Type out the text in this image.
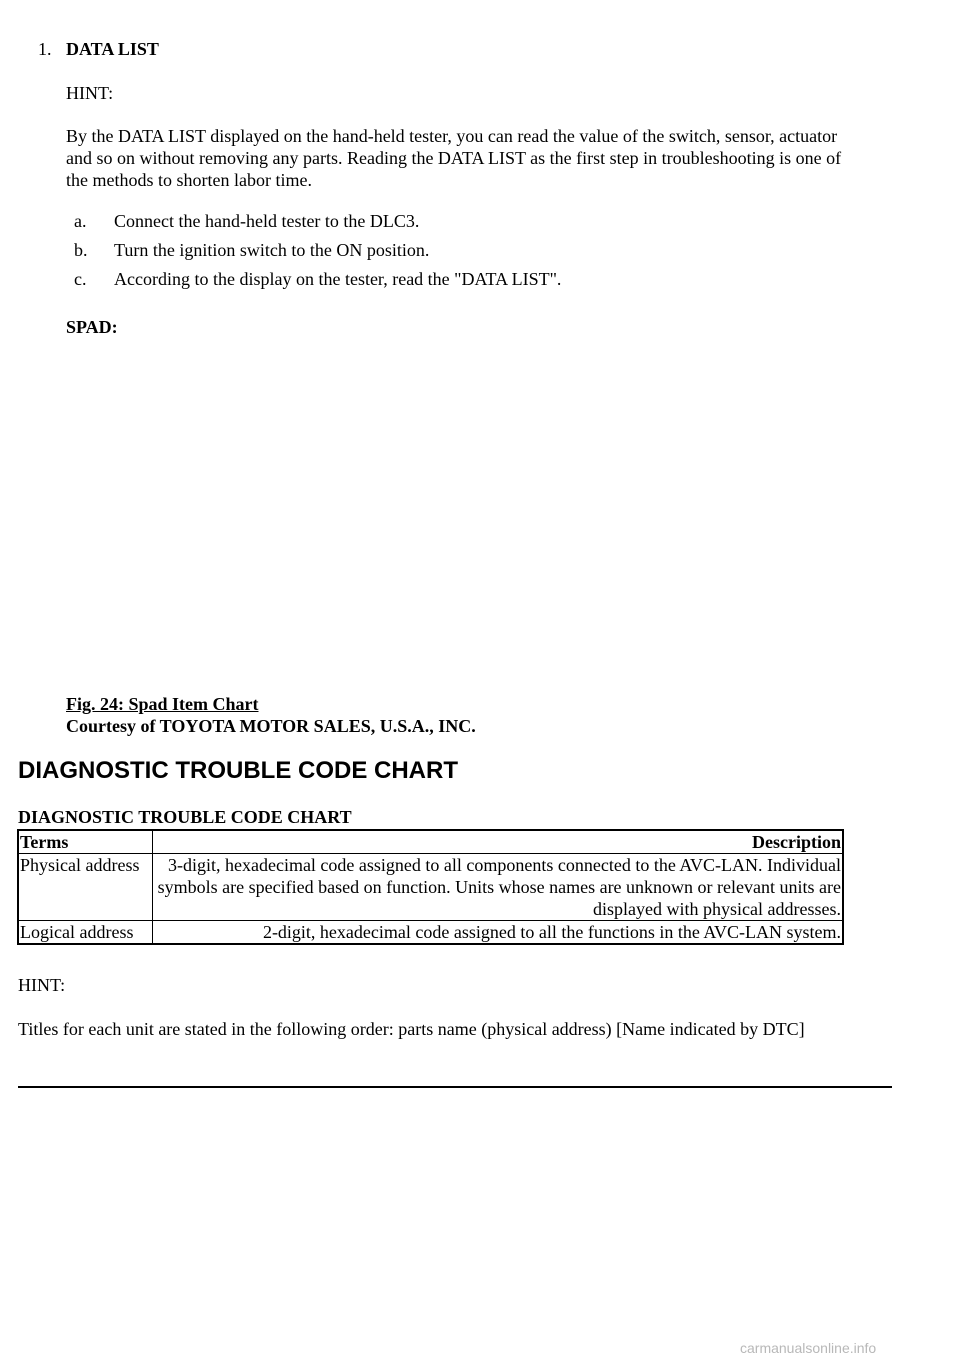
1. DATA LIST
HINT:
By the DATA LIST displayed on the hand-held tester, you can read the value of the switch, sensor, actuator and so on without removing any parts. Reading the DATA LIST as the first step in troubleshooting is one of the methods to shorten labor time.
a. Connect the hand-held tester to the DLC3.
b. Turn the ignition switch to the ON position.
c. According to the display on the tester, read the "DATA LIST".
SPAD:
Fig. 24: Spad Item Chart
Courtesy of TOYOTA MOTOR SALES, U.S.A., INC.
DIAGNOSTIC TROUBLE CODE CHART
DIAGNOSTIC TROUBLE CODE CHART
Terms	Description
Physical address	3-digit, hexadecimal code assigned to all components connected to the AVC-LAN. Individual symbols are specified based on function. Units whose names are unknown or relevant units are displayed with physical addresses.
Logical address	2-digit, hexadecimal code assigned to all the functions in the AVC-LAN system.
HINT:
Titles for each unit are stated in the following order: parts name (physical address) [Name indicated by DTC]
carmanualsonline.info
